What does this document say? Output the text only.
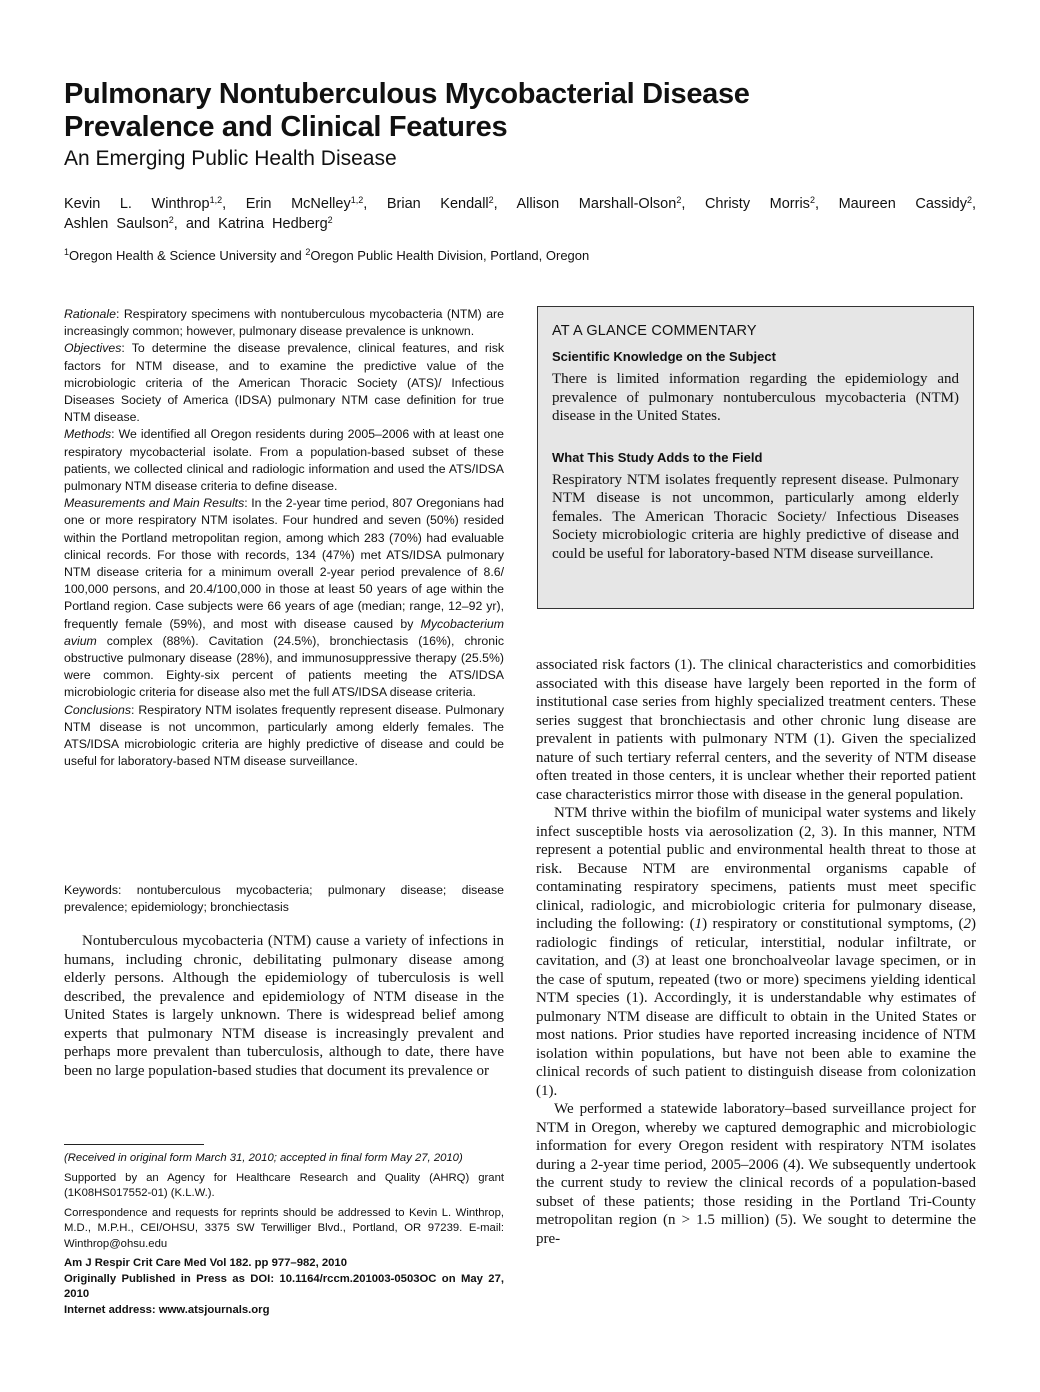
Pulmonary Nontuberculous Mycobacterial Disease
Prevalence and Clinical Features
An Emerging Public Health Disease
Kevin L. Winthrop$^{1,2}$, Erin McNelley$^{1,2}$, Brian Kendall$^2$, Allison Marshall-Olson$^2$, Christy Morris$^2$, Maureen Cassidy$^2$,
Ashlen Saulson$^2$, and Katrina Hedberg$^2$
$^1$Oregon Health & Science University and $^2$Oregon Public Health Division, Portland, Oregon

Rationale: Respiratory specimens with nontuberculous mycobacteria (NTM) are increasingly common; however, pulmonary disease prevalence is unknown.

Objectives: To determine the disease prevalence, clinical features, and risk factors for NTM disease, and to examine the predictive value of the microbiologic criteria of the American Thoracic Society (ATS)/ Infectious Diseases Society of America (IDSA) pulmonary NTM case definition for true NTM disease.

Methods: We identified all Oregon residents during 2005–2006 with at least one respiratory mycobacterial isolate. From a population-based subset of these patients, we collected clinical and radiologic information and used the ATS/IDSA pulmonary NTM disease criteria to define disease.

Measurements and Main Results: In the 2-year time period, 807 Oregonians had one or more respiratory NTM isolates. Four hundred and seven (50%) resided within the Portland metropolitan region, among which 283 (70%) had evaluable clinical records. For those with records, 134 (47%) met ATS/IDSA pulmonary NTM disease criteria for a minimum overall 2-year period prevalence of 8.6/ 100,000 persons, and 20.4/100,000 in those at least 50 years of age within the Portland region. Case subjects were 66 years of age (median; range, 12–92 yr), frequently female (59%), and most with disease caused by Mycobacterium avium complex (88%). Cavitation (24.5%), bronchiectasis (16%), chronic obstructive pulmonary disease (28%), and immunosuppressive therapy (25.5%) were common. Eighty-six percent of patients meeting the ATS/IDSA microbiologic criteria for disease also met the full ATS/IDSA disease criteria.

Conclusions: Respiratory NTM isolates frequently represent disease. Pulmonary NTM disease is not uncommon, particularly among elderly females. The ATS/IDSA microbiologic criteria are highly predictive of disease and could be useful for laboratory-based NTM disease surveillance.

Keywords: nontuberculous mycobacteria; pulmonary disease; disease prevalence; epidemiology; bronchiectasis

AT A GLANCE COMMENTARY
Scientific Knowledge on the Subject

There is limited information regarding the epidemiology and prevalence of pulmonary nontuberculous mycobacteria (NTM) disease in the United States.

What This Study Adds to the Field

Respiratory NTM isolates frequently represent disease. Pulmonary NTM disease is not uncommon, particularly among elderly females. The American Thoracic Society/ Infectious Diseases Society microbiologic criteria are highly predictive of disease and could be useful for laboratory-based NTM disease surveillance.

Nontuberculous mycobacteria (NTM) cause a variety of infections in humans, including chronic, debilitating pulmonary disease among elderly persons. Although the epidemiology of tuberculosis is well described, the prevalence and epidemiology of NTM disease in the United States is largely unknown. There is widespread belief among experts that pulmonary NTM disease is increasingly prevalent and perhaps more prevalent than tuberculosis, although to date, there have been no large population-based studies that document its prevalence or

associated risk factors (1). The clinical characteristics and comorbidities associated with this disease have largely been reported in the form of institutional case series from highly specialized treatment centers. These series suggest that bronchiectasis and other chronic lung disease are prevalent in patients with pulmonary NTM (1). Given the specialized nature of such tertiary referral centers, and the severity of NTM disease often treated in those centers, it is unclear whether their reported patient case characteristics mirror those with disease in the general population.

NTM thrive within the biofilm of municipal water systems and likely infect susceptible hosts via aerosolization (2, 3). In this manner, NTM represent a potential public and environmental health threat to those at risk. Because NTM are environmental organisms capable of contaminating respiratory specimens, patients must meet specific clinical, radiologic, and microbiologic criteria for pulmonary disease, including the following: (1) respiratory or constitutional symptoms, (2) radiologic findings of reticular, interstitial, nodular infiltrate, or cavitation, and (3) at least one bronchoalveolar lavage specimen, or in the case of sputum, repeated (two or more) specimens yielding identical NTM species (1). Accordingly, it is understandable why estimates of pulmonary NTM disease are difficult to obtain in the United States or most nations. Prior studies have reported increasing incidence of NTM isolation within populations, but have not been able to examine the clinical records of such patient to distinguish disease from colonization (1).

We performed a statewide laboratory–based surveillance project for NTM in Oregon, whereby we captured demographic and microbiologic information for every Oregon resident with respiratory NTM isolates during a 2-year time period, 2005–2006 (4). We subsequently undertook the current study to review the clinical records of a population-based subset of these patients; those residing in the Portland Tri-County metropolitan region (n > 1.5 million) (5). We sought to determine the pre-

(Received in original form March 31, 2010; accepted in final form May 27, 2010)

Supported by an Agency for Healthcare Research and Quality (AHRQ) grant (1K08HS017552-01) (K.L.W.).

Correspondence and requests for reprints should be addressed to Kevin L. Winthrop, M.D., M.P.H., CEI/OHSU, 3375 SW Terwilliger Blvd., Portland, OR 97239. E-mail: Winthrop@ohsu.edu

Am J Respir Crit Care Med Vol 182. pp 977–982, 2010

Originally Published in Press as DOI: 10.1164/rccm.201003-0503OC on May 27, 2010

Internet address: www.atsjournals.org
